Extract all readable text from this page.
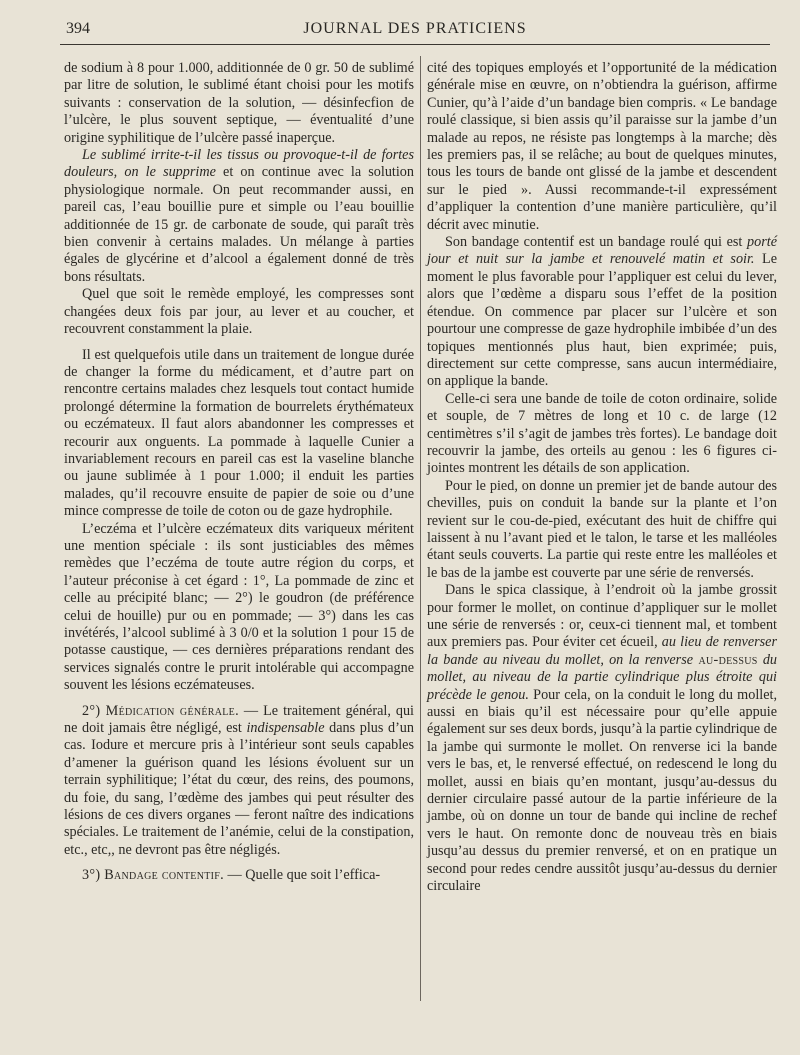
394	JOURNAL DES PRATICIENS

de sodium à 8 pour 1.000, additionnée de 0 gr. 50 de sublimé par litre de solution, le sublimé étant choisi pour les motifs suivants : conservation de la solution, — désinfecfion de l’ulcère, le plus souvent septique, — éventualité d’une origine syphilitique de l’ulcère passé inaperçue.

Le sublimé irrite-t-il les tissus ou provoque-t-il de fortes douleurs, on le supprime et on continue avec la solution physiologique normale. On peut recommander aussi, en pareil cas, l’eau bouillie pure et simple ou l’eau bouillie additionnée de 15 gr. de carbonate de soude, qui paraît très bien convenir à certains malades. Un mélange à parties égales de glycérine et d’alcool a également donné de très bons résultats.

Quel que soit le remède employé, les compresses sont changées deux fois par jour, au lever et au coucher, et recouvrent constamment la plaie.

Il est quelquefois utile dans un traitement de longue durée de changer la forme du médicament, et d’autre part on rencontre certains malades chez lesquels tout contact humide prolongé détermine la formation de bourrelets érythémateux ou eczémateux. Il faut alors abandonner les compresses et recourir aux onguents. La pommade à laquelle Cunier a invariablement recours en pareil cas est la vaseline blanche ou jaune sublimée à 1 pour 1.000; il enduit les parties malades, qu’il recouvre ensuite de papier de soie ou d’une mince compresse de toile de coton ou de gaze hydrophile.

L’eczéma et l’ulcère eczémateux dits variqueux méritent une mention spéciale : ils sont justiciables des mêmes remèdes que l’eczéma de toute autre région du corps, et l’auteur préconise à cet égard : 1°, La pommade de zinc et celle au précipité blanc; — 2°) le goudron (de préférence celui de houille) pur ou en pommade; — 3°) dans les cas invétérés, l’alcool sublimé à 3 0/0 et la solution 1 pour 15 de potasse caustique, — ces dernières préparations rendant des services signalés contre le prurit intolérable qui accompagne souvent les lésions eczémateuses.

2°) Médication générale. — Le traitement général, qui ne doit jamais être négligé, est indispensable dans plus d’un cas. Iodure et mercure pris à l’intérieur sont seuls capables d’amener la guérison quand les lésions évoluent sur un terrain syphilitique; l’état du cœur, des reins, des poumons, du foie, du sang, l’œdème des jambes qui peut résulter des lésions de ces divers organes — feront naître des indications spéciales. Le traitement de l’anémie, celui de la constipation, etc., etc,, ne devront pas être négligés.

3°) Bandage contentif. — Quelle que soit l’effica-

cité des topiques employés et l’opportunité de la médication générale mise en œuvre, on n’obtiendra la guérison, affirme Cunier, qu’à l’aide d’un bandage bien compris. « Le bandage roulé classique, si bien assis qu’il paraisse sur la jambe d’un malade au repos, ne résiste pas longtemps à la marche; dès les premiers pas, il se relâche; au bout de quelques minutes, tous les tours de bande ont glissé de la jambe et descendent sur le pied ». Aussi recommande-t-il expressément d’appliquer la contention d’une manière particulière, qu’il décrit avec minutie.

Son bandage contentif est un bandage roulé qui est porté jour et nuit sur la jambe et renouvelé matin et soir. Le moment le plus favorable pour l’appliquer est celui du lever, alors que l’œdème a disparu sous l’effet de la position étendue. On commence par placer sur l’ulcère et son pourtour une compresse de gaze hydrophile imbibée d’un des topiques mentionnés plus haut, bien exprimée; puis, directement sur cette compresse, sans aucun intermédiaire, on applique la bande.

Celle-ci sera une bande de toile de coton ordinaire, solide et souple, de 7 mètres de long et 10 c. de large (12 centimètres s’il s’agit de jambes très fortes). Le bandage doit recouvrir la jambe, des orteils au genou : les 6 figures ci-jointes montrent les détails de son application.

Pour le pied, on donne un premier jet de bande autour des chevilles, puis on conduit la bande sur la plante et l’on revient sur le cou-de-pied, exécutant des huit de chiffre qui laissent à nu l’avant pied et le talon, le tarse et les malléoles étant seuls couverts. La partie qui reste entre les malléoles et le bas de la jambe est couverte par une série de renversés.

Dans le spica classique, à l’endroit où la jambe grossit pour former le mollet, on continue d’appliquer sur le mollet une série de renversés : or, ceux-ci tiennent mal, et tombent aux premiers pas. Pour éviter cet écueil, au lieu de renverser la bande au niveau du mollet, on la renverse au-dessus du mollet, au niveau de la partie cylindrique plus étroite qui précède le genou. Pour cela, on la conduit le long du mollet, aussi en biais qu’il est nécessaire pour qu’elle appuie également sur ses deux bords, jusqu’à la partie cylindrique de la jambe qui surmonte le mollet. On renverse ici la bande vers le bas, et, le renversé effectué, on redescend le long du mollet, aussi en biais qu’en montant, jusqu’au-dessus du dernier circulaire passé autour de la partie inférieure de la jambe, où on donne un tour de bande qui incline de rechef vers le haut. On remonte donc de nouveau très en biais jusqu’au dessus du premier renversé, et on en pratique un second pour redes cendre aussitôt jusqu’au-dessus du dernier circulaire
